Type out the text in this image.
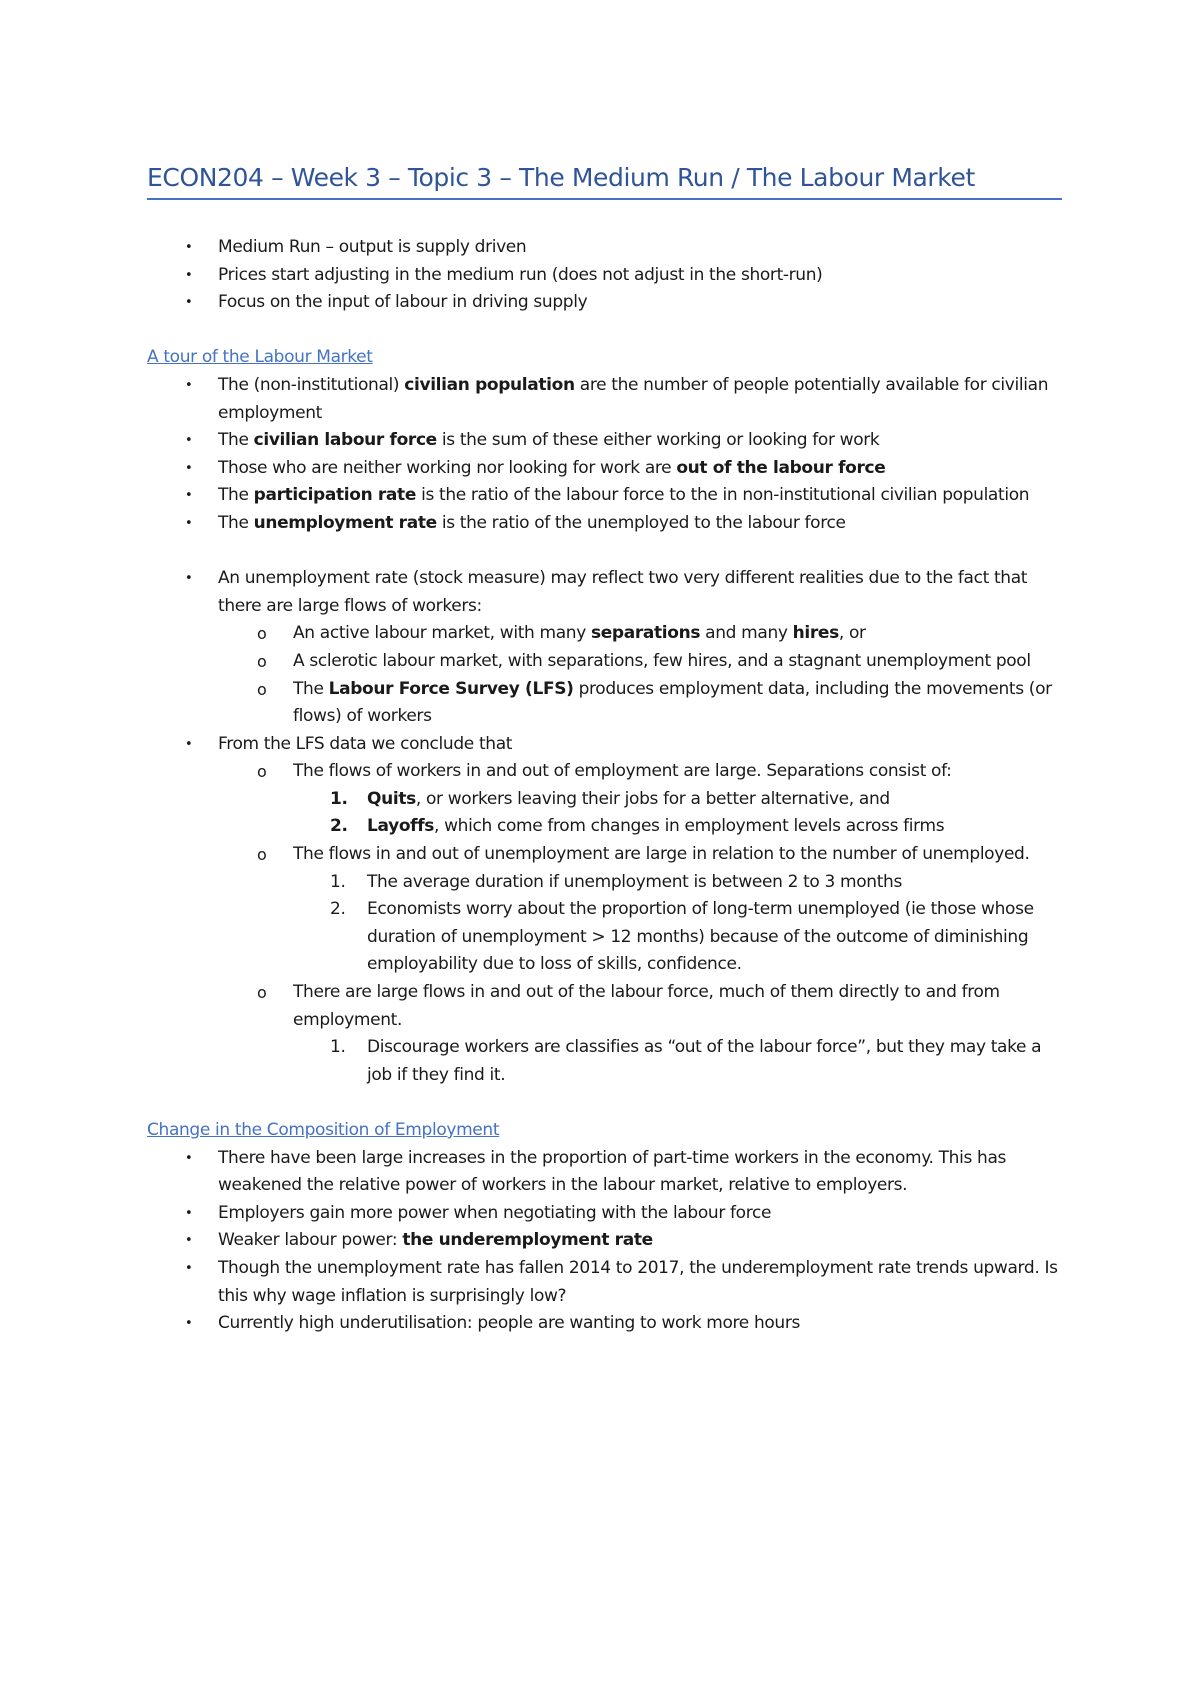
ECON204 – Week 3 – Topic 3 – The Medium Run / The Labour Market
• Medium Run – output is supply driven
• Prices start adjusting in the medium run (does not adjust in the short-run)
• Focus on the input of labour in driving supply
A tour of the Labour Market
• The (non-institutional) civilian population are the number of people potentially available for civilian employment
• The civilian labour force is the sum of these either working or looking for work
• Those who are neither working nor looking for work are out of the labour force
• The participation rate is the ratio of the labour force to the in non-institutional civilian population
• The unemployment rate is the ratio of the unemployed to the labour force
• An unemployment rate (stock measure) may reflect two very different realities due to the fact that there are large flows of workers:
o An active labour market, with many separations and many hires, or
o A sclerotic labour market, with separations, few hires, and a stagnant unemployment pool
o The Labour Force Survey (LFS) produces employment data, including the movements (or flows) of workers
• From the LFS data we conclude that
o The flows of workers in and out of employment are large. Separations consist of:
1. Quits, or workers leaving their jobs for a better alternative, and
2. Layoffs, which come from changes in employment levels across firms
o The flows in and out of unemployment are large in relation to the number of unemployed.
1. The average duration if unemployment is between 2 to 3 months
2. Economists worry about the proportion of long-term unemployed (ie those whose duration of unemployment > 12 months) because of the outcome of diminishing employability due to loss of skills, confidence.
o There are large flows in and out of the labour force, much of them directly to and from employment.
1. Discourage workers are classifies as “out of the labour force”, but they may take a job if they find it.
Change in the Composition of Employment
• There have been large increases in the proportion of part-time workers in the economy. This has weakened the relative power of workers in the labour market, relative to employers.
• Employers gain more power when negotiating with the labour force
• Weaker labour power: the underemployment rate
• Though the unemployment rate has fallen 2014 to 2017, the underemployment rate trends upward. Is this why wage inflation is surprisingly low?
• Currently high underutilisation: people are wanting to work more hours
